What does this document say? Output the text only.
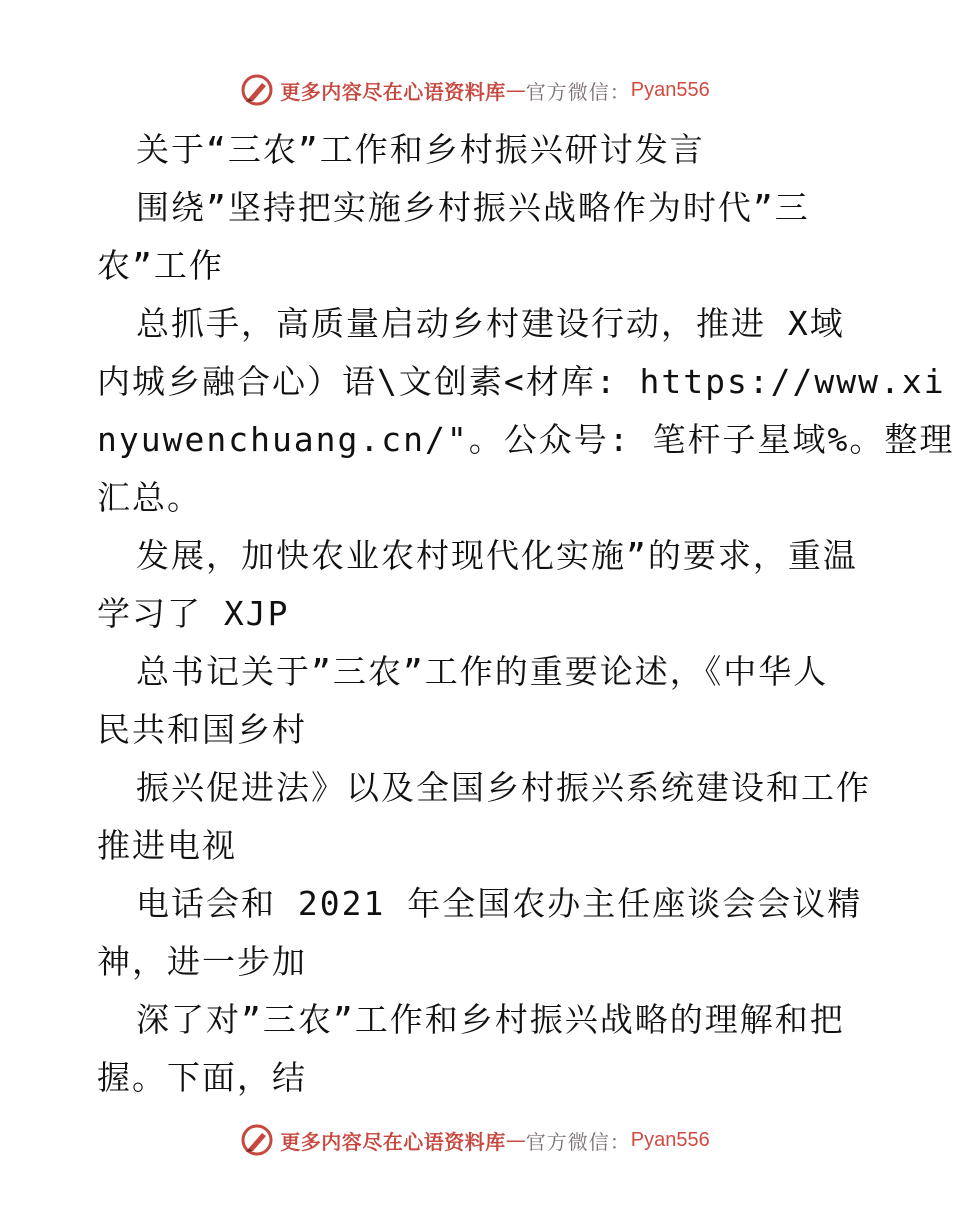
更多内容尽在心语资料库 — 官方微信： Pyan556
关于“三农”工作和乡村振兴研讨发言
围绕”坚持把实施乡村振兴战略作为时代”三
农”工作
总抓手，高质量启动乡村建设行动，推进 X域
内城乡融合心）语\文创素<材库: https://www.xi
nyuwenchuang.cn/"。公众号: 笔杆子星域%。整理
汇总。
发展，加快农业农村现代化实施”的要求，重温
学习了 XJP
总书记关于”三农”工作的重要论述，《中华人
民共和国乡村
振兴促进法》以及全国乡村振兴系统建设和工作
推进电视
电话会和 2021 年全国农办主任座谈会会议精
神，进一步加
深了对”三农”工作和乡村振兴战略的理解和把
握。下面，结
更多内容尽在心语资料库 — 官方微信： Pyan556
